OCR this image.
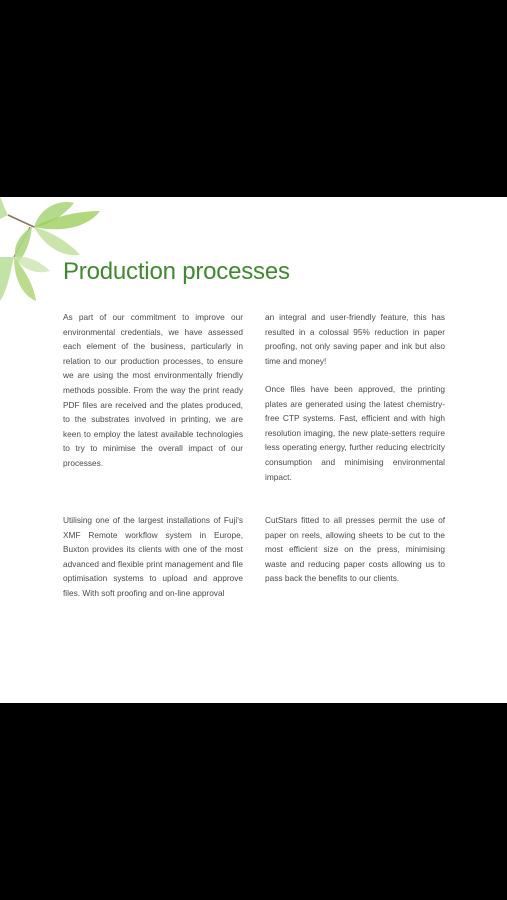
Production processes

As part of our commitment to improve our environmental credentials, we have assessed each element of the business, particularly in relation to our production processes, to ensure we are using the most environmentally friendly methods possible. From the way the print ready PDF files are received and the plates produced, to the substrates involved in printing, we are keen to employ the latest available technologies to try to minimise the overall impact of our processes.

Utilising one of the largest installations of Fuji's XMF Remote workflow system in Europe, Buxton provides its clients with one of the most advanced and flexible print management and file optimisation systems to upload and approve files. With soft proofing and on-line approval

an integral and user-friendly feature, this has resulted in a colossal 95% reduction in paper proofing, not only saving paper and ink but also time and money!

Once files have been approved, the printing plates are generated using the latest chemistry-free CTP systems. Fast, efficient and with high resolution imaging, the new plate-setters require less operating energy, further reducing electricity consumption and minimising environmental impact.

CutStars fitted to all presses permit the use of paper on reels, allowing sheets to be cut to the most efficient size on the press, minimising waste and reducing paper costs allowing us to pass back the benefits to our clients.
